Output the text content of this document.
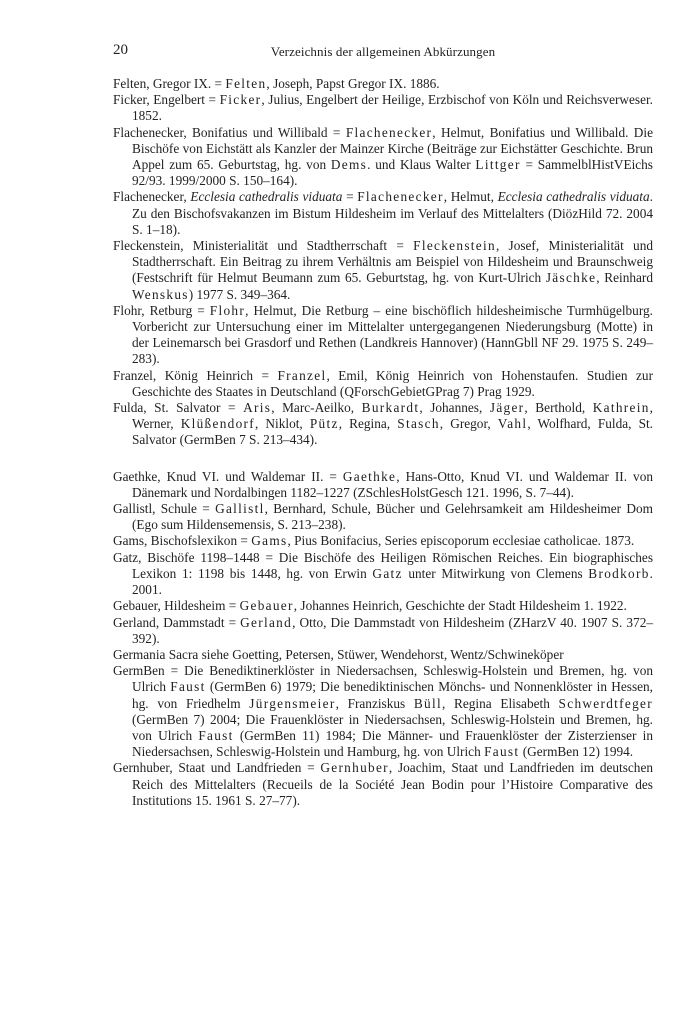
20	Verzeichnis der allgemeinen Abkürzungen

Felten, Gregor IX. = Felten, Joseph, Papst Gregor IX. 1886.

Ficker, Engelbert = Ficker, Julius, Engelbert der Heilige, Erzbischof von Köln und Reichsverweser. 1852.

Flachenecker, Bonifatius und Willibald = Flachenecker, Helmut, Bonifatius und Willibald. Die Bischöfe von Eichstätt als Kanzler der Mainzer Kirche (Beiträge zur Eichstätter Geschichte. Brun Appel zum 65. Geburtstag, hg. von Dems. und Klaus Walter Littger = SammelblHistVEichs 92/93. 1999/2000 S. 150–164).

Flachenecker, Ecclesia cathedralis viduata = Flachenecker, Helmut, Ecclesia cathedralis viduata. Zu den Bischofsvakanzen im Bistum Hildesheim im Verlauf des Mittelalters (DiözHild 72. 2004 S. 1–18).

Fleckenstein, Ministerialität und Stadtherrschaft = Fleckenstein, Josef, Ministerialität und Stadtherrschaft. Ein Beitrag zu ihrem Verhältnis am Beispiel von Hildesheim und Braunschweig (Festschrift für Helmut Beumann zum 65. Geburtstag, hg. von Kurt-Ulrich Jäschke, Reinhard Wenskus) 1977 S. 349–364.

Flohr, Retburg = Flohr, Helmut, Die Retburg – eine bischöflich hildesheimische Turmhügelburg. Vorbericht zur Untersuchung einer im Mittelalter untergegangenen Niederungsburg (Motte) in der Leinemarsch bei Grasdorf und Rethen (Landkreis Hannover) (HannGbll NF 29. 1975 S. 249–283).

Franzel, König Heinrich = Franzel, Emil, König Heinrich von Hohenstaufen. Studien zur Geschichte des Staates in Deutschland (QForschGebietGPrag 7) Prag 1929.

Fulda, St. Salvator = Aris, Marc-Aeilko, Burkardt, Johannes, Jäger, Berthold, Kathrein, Werner, Klüßendorf, Niklot, Pütz, Regina, Stasch, Gregor, Vahl, Wolfhard, Fulda, St. Salvator (GermBen 7 S. 213–434).

Gaethke, Knud VI. und Waldemar II. = Gaethke, Hans-Otto, Knud VI. und Waldemar II. von Dänemark und Nordalbingen 1182–1227 (ZSchlesHolstGesch 121. 1996, S. 7–44).

Gallistl, Schule = Gallistl, Bernhard, Schule, Bücher und Gelehrsamkeit am Hildesheimer Dom (Ego sum Hildensemensis, S. 213–238).

Gams, Bischofslexikon = Gams, Pius Bonifacius, Series episcoporum ecclesiae catholicae. 1873.

Gatz, Bischöfe 1198–1448 = Die Bischöfe des Heiligen Römischen Reiches. Ein biographisches Lexikon 1: 1198 bis 1448, hg. von Erwin Gatz unter Mitwirkung von Clemens Brodkorb. 2001.

Gebauer, Hildesheim = Gebauer, Johannes Heinrich, Geschichte der Stadt Hildesheim 1. 1922.

Gerland, Dammstadt = Gerland, Otto, Die Dammstadt von Hildesheim (ZHarzV 40. 1907 S. 372–392).

Germania Sacra siehe Goetting, Petersen, Stüwer, Wendehorst, Wentz/Schwineköper

GermBen = Die Benediktinerklöster in Niedersachsen, Schleswig-Holstein und Bremen, hg. von Ulrich Faust (GermBen 6) 1979; Die benediktinischen Mönchs- und Nonnenklöster in Hessen, hg. von Friedhelm Jürgensmeier, Franziskus Büll, Regina Elisabeth Schwerdtfeger (GermBen 7) 2004; Die Frauenklöster in Niedersachsen, Schleswig-Holstein und Bremen, hg. von Ulrich Faust (GermBen 11) 1984; Die Männer- und Frauenklöster der Zisterzienser in Niedersachsen, Schleswig-Holstein und Hamburg, hg. von Ulrich Faust (GermBen 12) 1994.

Gernhuber, Staat und Landfrieden = Gernhuber, Joachim, Staat und Landfrieden im deutschen Reich des Mittelalters (Recueils de la Société Jean Bodin pour l’Histoire Comparative des Institutions 15. 1961 S. 27–77).
